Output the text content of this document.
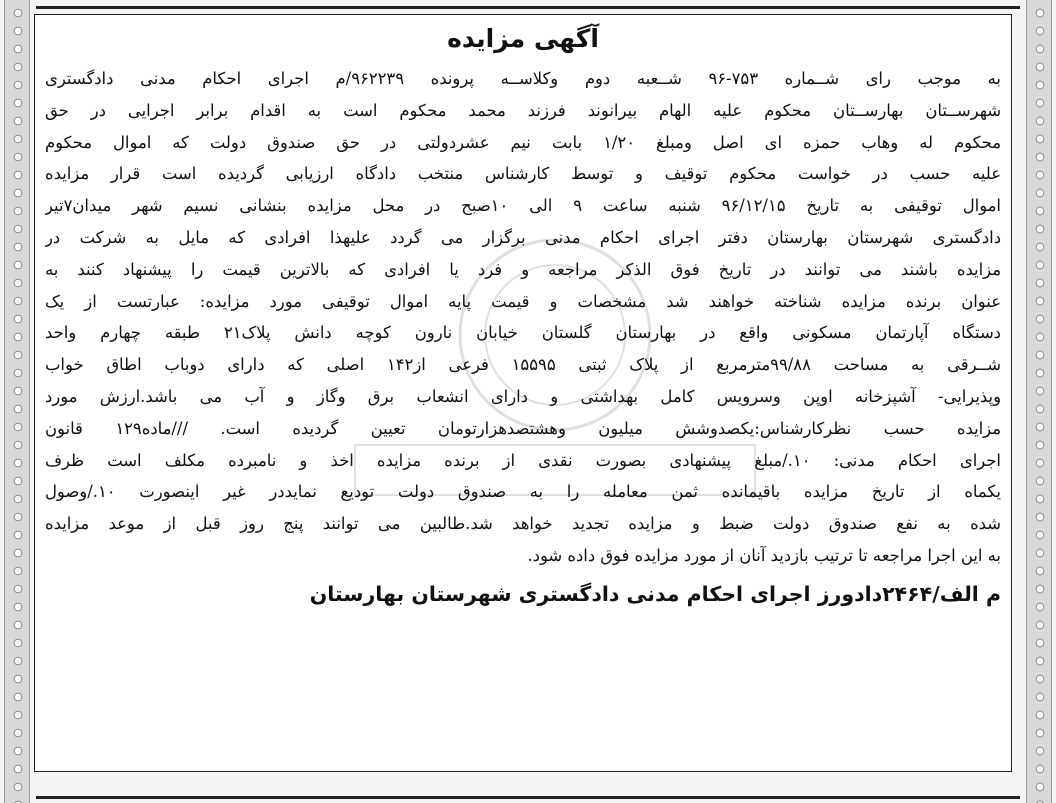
آگهی مزایده
به موجب رای شــماره ۷۵۳-۹۶ شــعبه دوم وکلاســه پرونده ۹۶۲۲۳۹/م اجرای احکام مدنی دادگستری
شهرســتان بهارســتان محکوم علیه الهام بیرانوند فرزند محمد محکوم است به اقدام برابر اجرایی در حق
محکوم له وهاب حمزه ای اصل ومبلغ ۱/۲۰ بابت نیم عشردولتی در حق صندوق دولت که اموال محکوم
علیه حسب در خواست محکوم توقیف و توسط کارشناس منتخب دادگاه ارزیابی گردیده است قرار مزایده
اموال توقیفی به تاریخ ۹۶/۱۲/۱۵ شنبه ساعت ۹ الی ۱۰صبح در محل مزایده بنشانی نسیم شهر میدان۷تیر
دادگستری شهرستان بهارستان دفتر اجرای احکام مدنی برگزار می گردد علیهذا افرادی که مایل به شرکت در
مزایده باشند می توانند در تاریخ فوق الذکر مراجعه و فرد یا افرادی که بالاترین قیمت را پیشنهاد کنند به
عنوان برنده مزایده شناخته خواهند شد مشخصات و قیمت پایه اموال توقیفی مورد مزایده: عبارتست از یک
دستگاه آپارتمان مسکونی واقع در بهارستان گلستان خیابان نارون کوچه دانش پلاک۲۱ طبقه چهارم واحد
شــرقی به مساحت ۹۹/۸۸مترمربع از پلاک ثبتی ۱۵۵۹۵ فرعی از۱۴۲ اصلی که دارای دوباب اطاق خواب
وپذیرایی- آشپزخانه اوپن وسرویس کامل بهداشتی و دارای انشعاب برق وگاز و آب می باشد.ارزش مورد
مزایده حسب نظرکارشناس:یکصدوشش میلیون وهشتصدهزارتومان تعیین گردیده است. ///ماده۱۲۹ قانون
اجرای احکام مدنی: ۱۰./مبلغ پیشنهادی بصورت نقدی از برنده مزایده اخذ و نامبرده مکلف است ظرف
یکماه از تاریخ مزایده باقیمانده ثمن معامله را به صندوق دولت تودیع نمایددر غیر اینصورت ۱۰./وصول
شده به نفع صندوق دولت ضبط و مزایده تجدید خواهد شد.طالبین می توانند پنج روز قبل از موعد مزایده
به این اجرا مراجعه تا ترتیب بازدید آنان از مورد مزایده فوق داده شود.
م الف/۲۴۶۴دادورز اجرای احکام مدنی دادگستری شهرستان بهارستان
